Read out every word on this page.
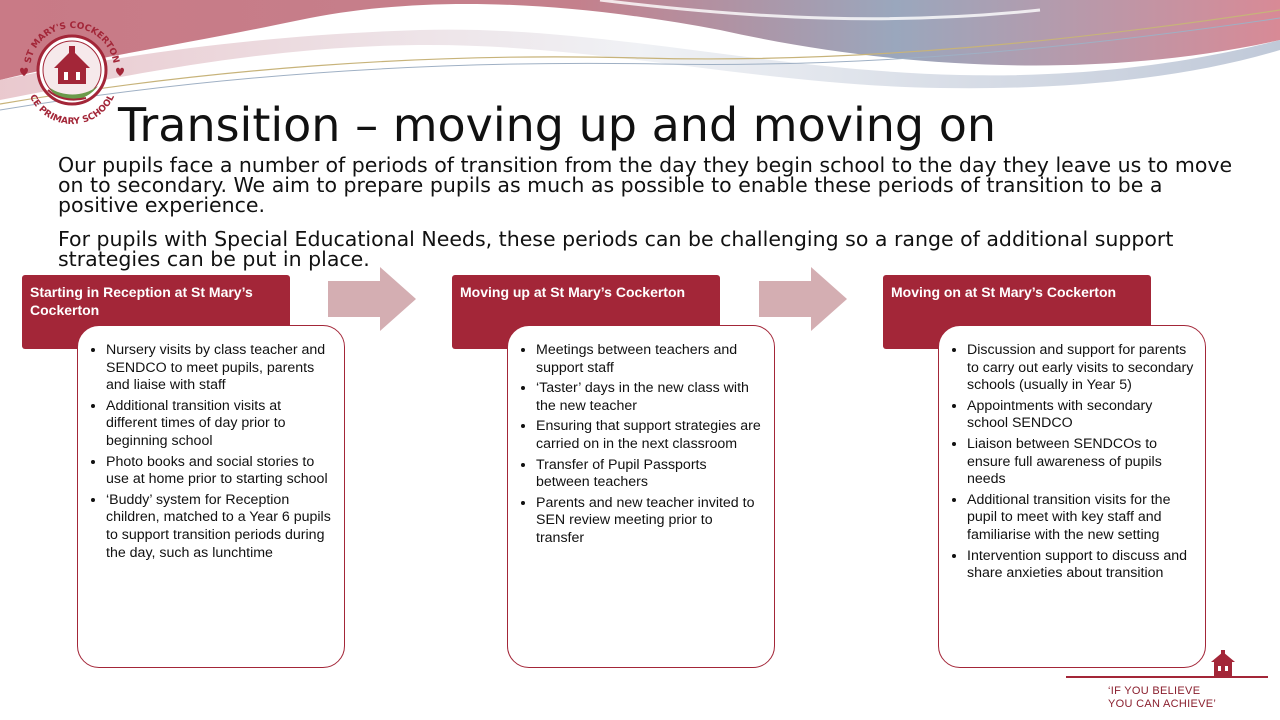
ST MARY'S COCKERTON
CE PRIMARY SCHOOL
Transition – moving up and moving on
Our pupils face a number of periods of transition from the day they begin school to the day they leave us to move on to secondary. We aim to prepare pupils as much as possible to enable these periods of transition to be a positive experience.
For pupils with Special Educational Needs, these periods can be challenging so a range of additional support strategies can be put in place.
Starting in Reception at St Mary’s Cockerton
• Nursery visits by class teacher and SENDCO to meet pupils, parents and liaise with staff
• Additional transition visits at different times of day prior to beginning school
• Photo books and social stories to use at home prior to starting school
• ‘Buddy’ system for Reception children, matched to a Year 6 pupils to support transition periods during the day, such as lunchtime
Moving up at St Mary’s Cockerton
• Meetings between teachers and support staff
• ‘Taster’ days in the new class with the new teacher
• Ensuring that support strategies are carried on in the next classroom
• Transfer of Pupil Passports between teachers
• Parents and new teacher invited to SEN review meeting prior to transfer
Moving on at St Mary’s Cockerton
• Discussion and support for parents to carry out early visits to secondary schools (usually in Year 5)
• Appointments with secondary school SENDCO
• Liaison between SENDCOs to ensure full awareness of pupils needs
• Additional transition visits for the pupil to meet with key staff and familiarise with the new setting
• Intervention support to discuss and share anxieties about transition
‘IF YOU BELIEVE
YOU CAN ACHIEVE’
